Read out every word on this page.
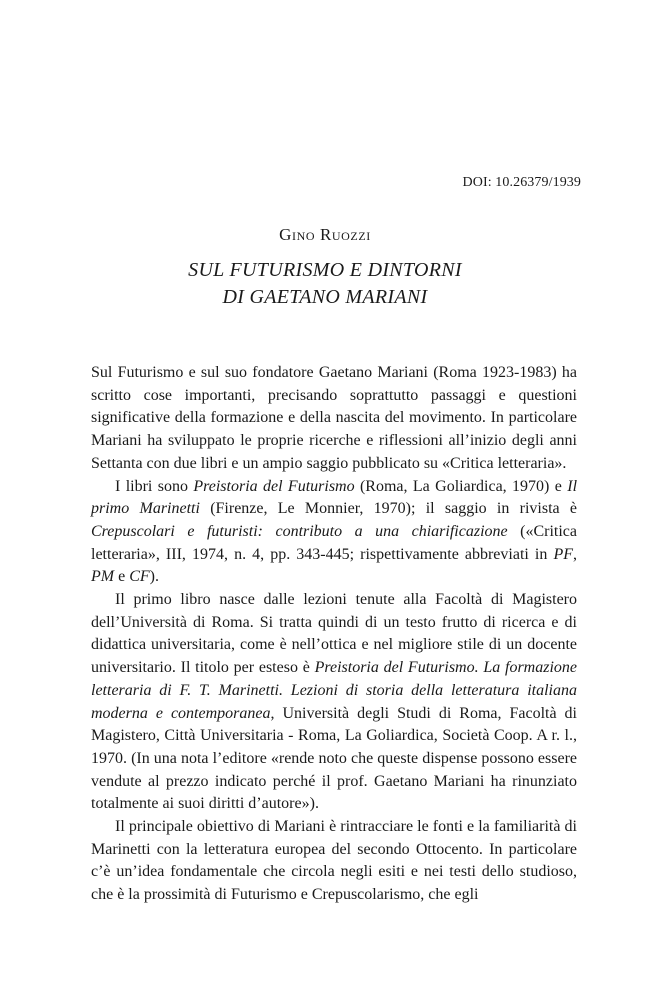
DOI: 10.26379/1939
Gino Ruozzi
SUL FUTURISMO E DINTORNI
DI GAETANO MARIANI

Sul Futurismo e sul suo fondatore Gaetano Mariani (Roma 1923-1983) ha scritto cose importanti, precisando soprattutto passaggi e questioni significative della formazione e della nascita del movimento. In particolare Mariani ha sviluppato le proprie ricerche e riflessioni all’inizio degli anni Settanta con due libri e un ampio saggio pubblicato su «Critica letteraria».

I libri sono Preistoria del Futurismo (Roma, La Goliardica, 1970) e Il primo Marinetti (Firenze, Le Monnier, 1970); il saggio in rivista è Crepuscolari e futuristi: contributo a una chiarificazione («Critica letteraria», III, 1974, n. 4, pp. 343-445; rispettivamente abbreviati in PF, PM e CF).

Il primo libro nasce dalle lezioni tenute alla Facoltà di Magistero dell’Università di Roma. Si tratta quindi di un testo frutto di ricerca e di didattica universitaria, come è nell’ottica e nel migliore stile di un docente universitario. Il titolo per esteso è Preistoria del Futurismo. La formazione letteraria di F. T. Marinetti. Lezioni di storia della letteratura italiana moderna e contemporanea, Università degli Studi di Roma, Facoltà di Magistero, Città Universitaria - Roma, La Goliardica, Società Coop. A r. l., 1970. (In una nota l’editore «rende noto che queste dispense possono essere vendute al prezzo indicato perché il prof. Gaetano Mariani ha rinunziato totalmente ai suoi diritti d’autore»).

Il principale obiettivo di Mariani è rintracciare le fonti e la familiarità di Marinetti con la letteratura europea del secondo Ottocento. In particolare c’è un’idea fondamentale che circola negli esiti e nei testi dello studioso, che è la prossimità di Futurismo e Crepuscolarismo, che egli
